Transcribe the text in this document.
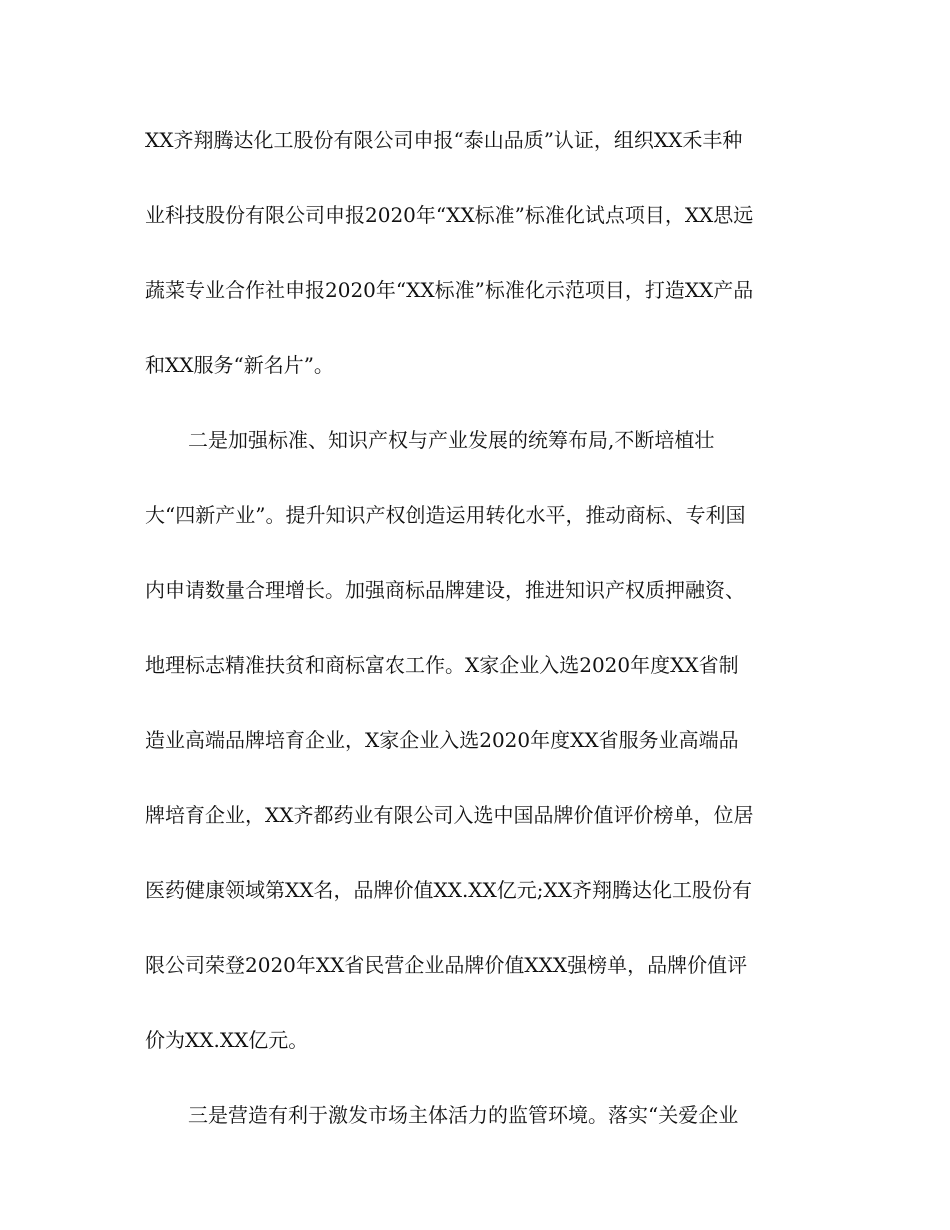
XX齐翔腾达化工股份有限公司申报“泰山品质”认证，组织XX禾丰种
业科技股份有限公司申报2020年“XX标准”标准化试点项目，XX思远
蔬菜专业合作社申报2020年“XX标准”标准化示范项目，打造XX产品
和XX服务“新名片”。
二是加强标准、知识产权与产业发展的统筹布局,不断培植壮
大“四新产业”。提升知识产权创造运用转化水平，推动商标、专利国
内申请数量合理增长。加强商标品牌建设，推进知识产权质押融资、
地理标志精准扶贫和商标富农工作。X家企业入选2020年度XX省制
造业高端品牌培育企业，X家企业入选2020年度XX省服务业高端品
牌培育企业，XX齐都药业有限公司入选中国品牌价值评价榜单，位居
医药健康领域第XX名，品牌价值XX.XX亿元;XX齐翔腾达化工股份有
限公司荣登2020年XX省民营企业品牌价值XXX强榜单，品牌价值评
价为XX.XX亿元。
三是营造有利于激发市场主体活力的监管环境。落实“关爱企业
